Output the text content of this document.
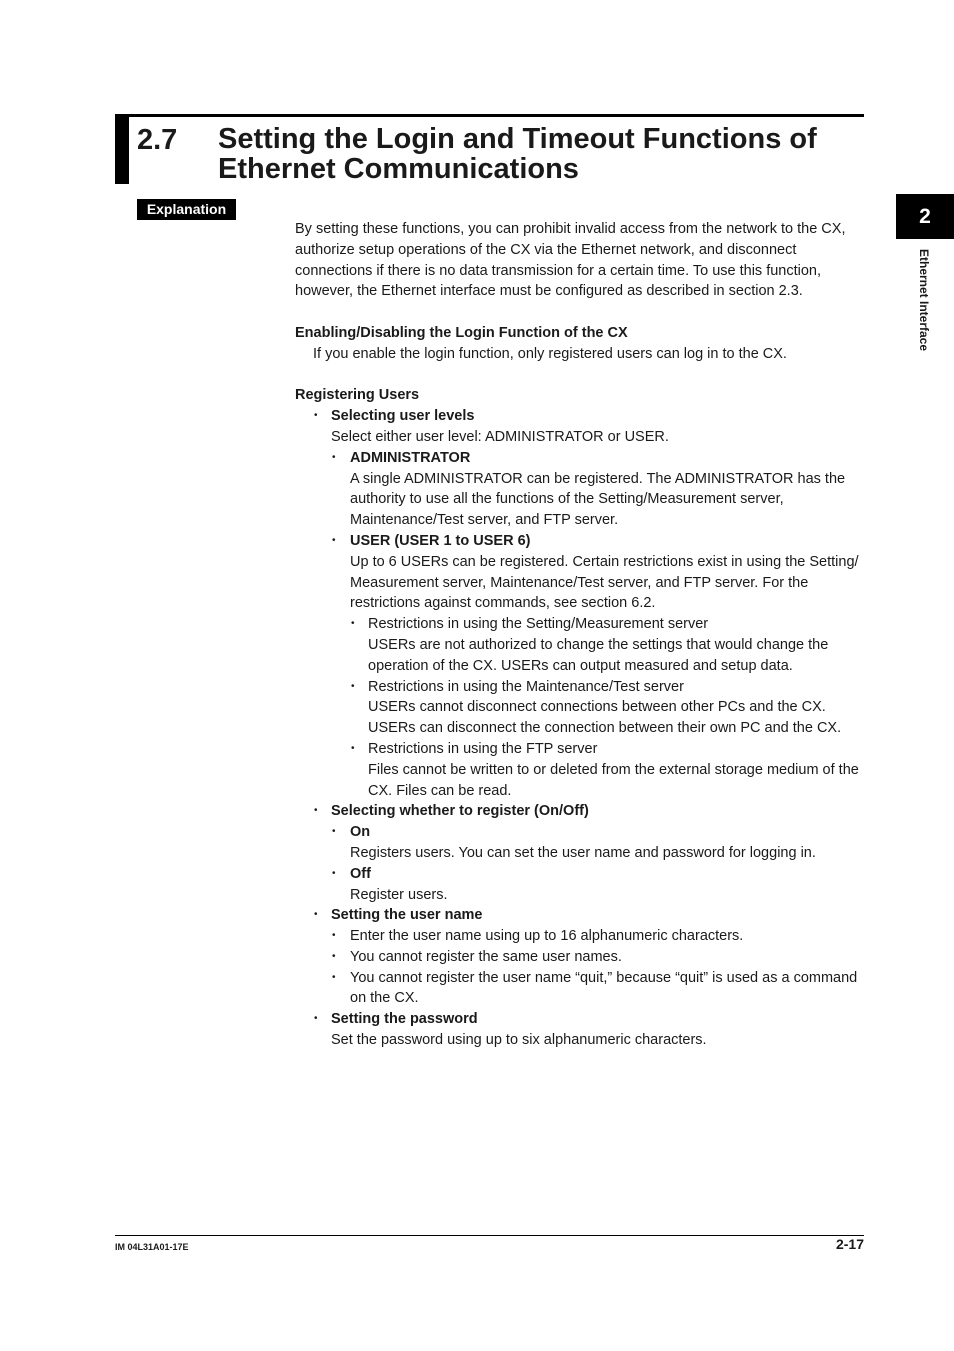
2.7 Setting the Login and Timeout Functions of
Ethernet Communications
Explanation	2
Ethernet Interface

By setting these functions, you can prohibit invalid access from the network to the CX,

authorize setup operations of the CX via the Ethernet network, and disconnect

connections if there is no data transmission for a certain time. To use this function,

however, the Ethernet interface must be configured as described in section 2.3.

Enabling/Disabling the Login Function of the CX

If you enable the login function, only registered users can log in to the CX.

Registering Users

• Selecting user levels

Select either user level: ADMINISTRATOR or USER.

• ADMINISTRATOR

A single ADMINISTRATOR can be registered. The ADMINISTRATOR has the

authority to use all the functions of the Setting/Measurement server,

Maintenance/Test server, and FTP server.

• USER (USER 1 to USER 6)

Up to 6 USERs can be registered. Certain restrictions exist in using the Setting/

Measurement server, Maintenance/Test server, and FTP server. For the

restrictions against commands, see section 6.2.

• Restrictions in using the Setting/Measurement server

USERs are not authorized to change the settings that would change the

operation of the CX. USERs can output measured and setup data.

• Restrictions in using the Maintenance/Test server

USERs cannot disconnect connections between other PCs and the CX.

USERs can disconnect the connection between their own PC and the CX.

• Restrictions in using the FTP server

Files cannot be written to or deleted from the external storage medium of the

CX. Files can be read.

• Selecting whether to register (On/Off)
• On

Registers users. You can set the user name and password for logging in.

• Off

Register users.

• Setting the user name
• Enter the user name using up to 16 alphanumeric characters.
• You cannot register the same user names.
• You cannot register the user name “quit,” because “quit” is used as a command

on the CX.

• Setting the password

Set the password using up to six alphanumeric characters.

IM 04L31A01-17E	2-17
